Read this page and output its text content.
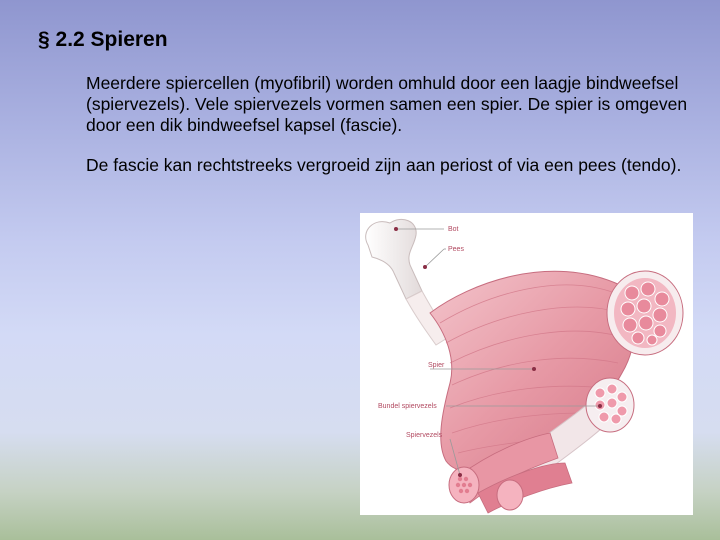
§ 2.2 Spieren

Meerdere spiercellen (myofibril) worden omhuld door een laagje bindweefsel (spiervezels). Vele spiervezels vormen samen een spier. De spier is omgeven door een dik bindweefsel kapsel (fascie).

De fascie kan rechtstreeks vergroeid zijn aan periost of via een pees (tendo).

Bot
Pees
Spier
Bundel spiervezels
Spiervezels
